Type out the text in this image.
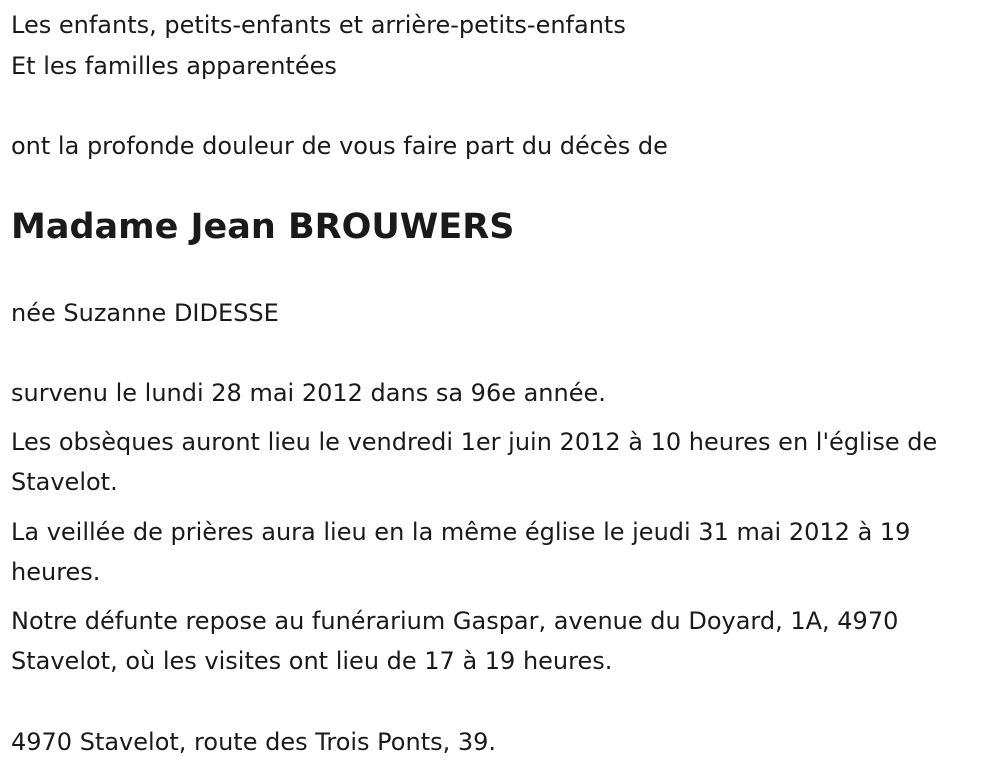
Les enfants, petits-enfants et arrière-petits-enfants

Et les familles apparentées

ont la profonde douleur de vous faire part du décès de

Madame Jean BROUWERS

née Suzanne DIDESSE

survenu le lundi 28 mai 2012 dans sa 96e année.

Les obsèques auront lieu le vendredi 1er juin 2012 à 10 heures en l'église de Stavelot.

La veillée de prières aura lieu en la même église le jeudi 31 mai 2012 à 19 heures.

Notre défunte repose au funérarium Gaspar, avenue du Doyard, 1A, 4970 Stavelot, où les visites ont lieu de 17 à 19 heures.

4970 Stavelot, route des Trois Ponts, 39.
